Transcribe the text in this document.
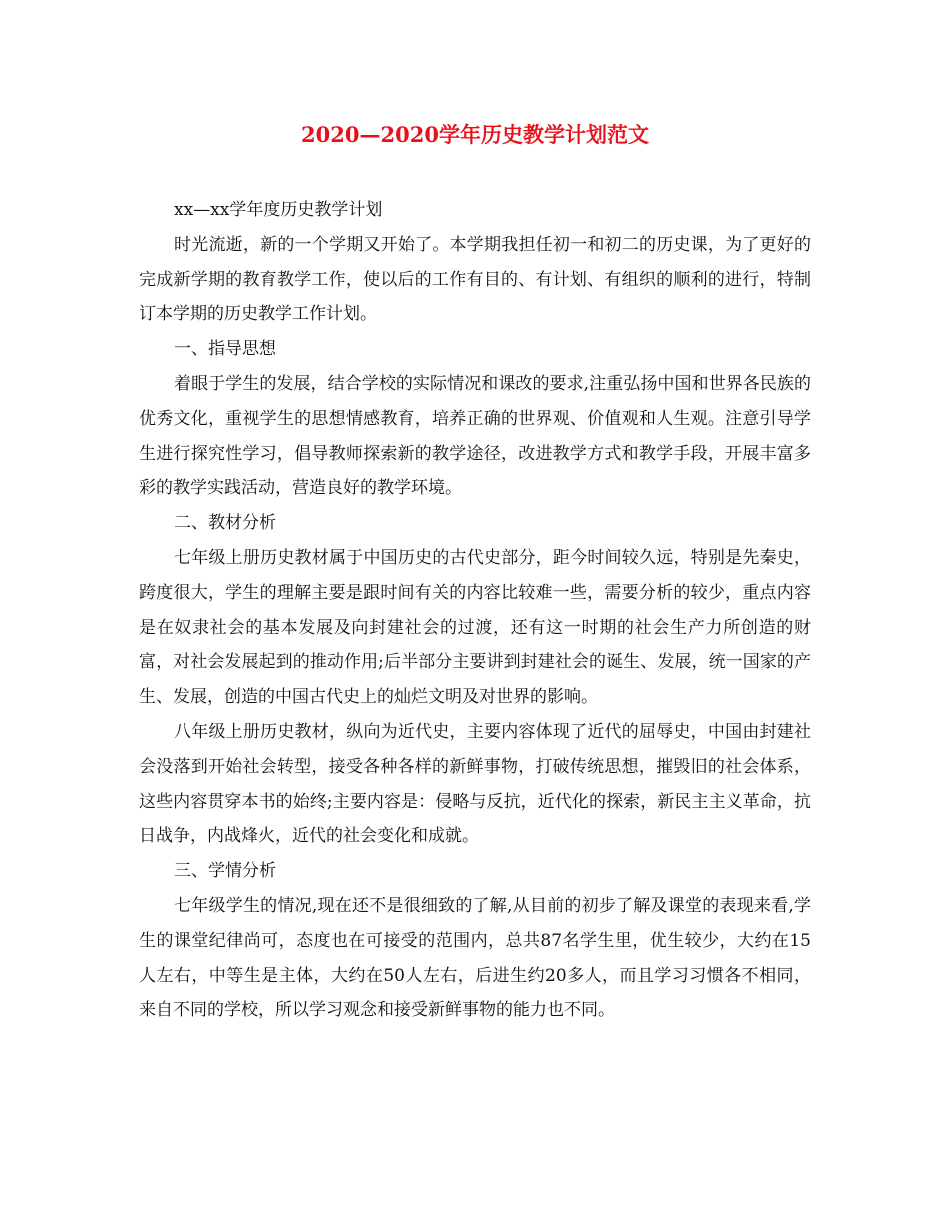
2020—2020学年历史教学计划范文

xx—xx学年度历史教学计划

时光流逝，新的一个学期又开始了。本学期我担任初一和初二的历史课，为了更好的完成新学期的教育教学工作，使以后的工作有目的、有计划、有组织的顺利的进行，特制订本学期的历史教学工作计划。

一、指导思想

着眼于学生的发展，结合学校的实际情况和课改的要求,注重弘扬中国和世界各民族的优秀文化，重视学生的思想情感教育，培养正确的世界观、价值观和人生观。注意引导学生进行探究性学习，倡导教师探索新的教学途径，改进教学方式和教学手段，开展丰富多彩的教学实践活动，营造良好的教学环境。

二、教材分析

七年级上册历史教材属于中国历史的古代史部分，距今时间较久远，特别是先秦史，跨度很大，学生的理解主要是跟时间有关的内容比较难一些，需要分析的较少，重点内容是在奴隶社会的基本发展及向封建社会的过渡，还有这一时期的社会生产力所创造的财富，对社会发展起到的推动作用;后半部分主要讲到封建社会的诞生、发展，统一国家的产生、发展，创造的中国古代史上的灿烂文明及对世界的影响。

八年级上册历史教材，纵向为近代史，主要内容体现了近代的屈辱史，中国由封建社会没落到开始社会转型，接受各种各样的新鲜事物，打破传统思想，摧毁旧的社会体系，这些内容贯穿本书的始终;主要内容是：侵略与反抗，近代化的探索，新民主主义革命，抗日战争，内战烽火，近代的社会变化和成就。

三、学情分析

七年级学生的情况,现在还不是很细致的了解,从目前的初步了解及课堂的表现来看,学生的课堂纪律尚可，态度也在可接受的范围内，总共87名学生里，优生较少，大约在15人左右，中等生是主体，大约在50人左右，后进生约20多人，而且学习习惯各不相同，来自不同的学校，所以学习观念和接受新鲜事物的能力也不同。
